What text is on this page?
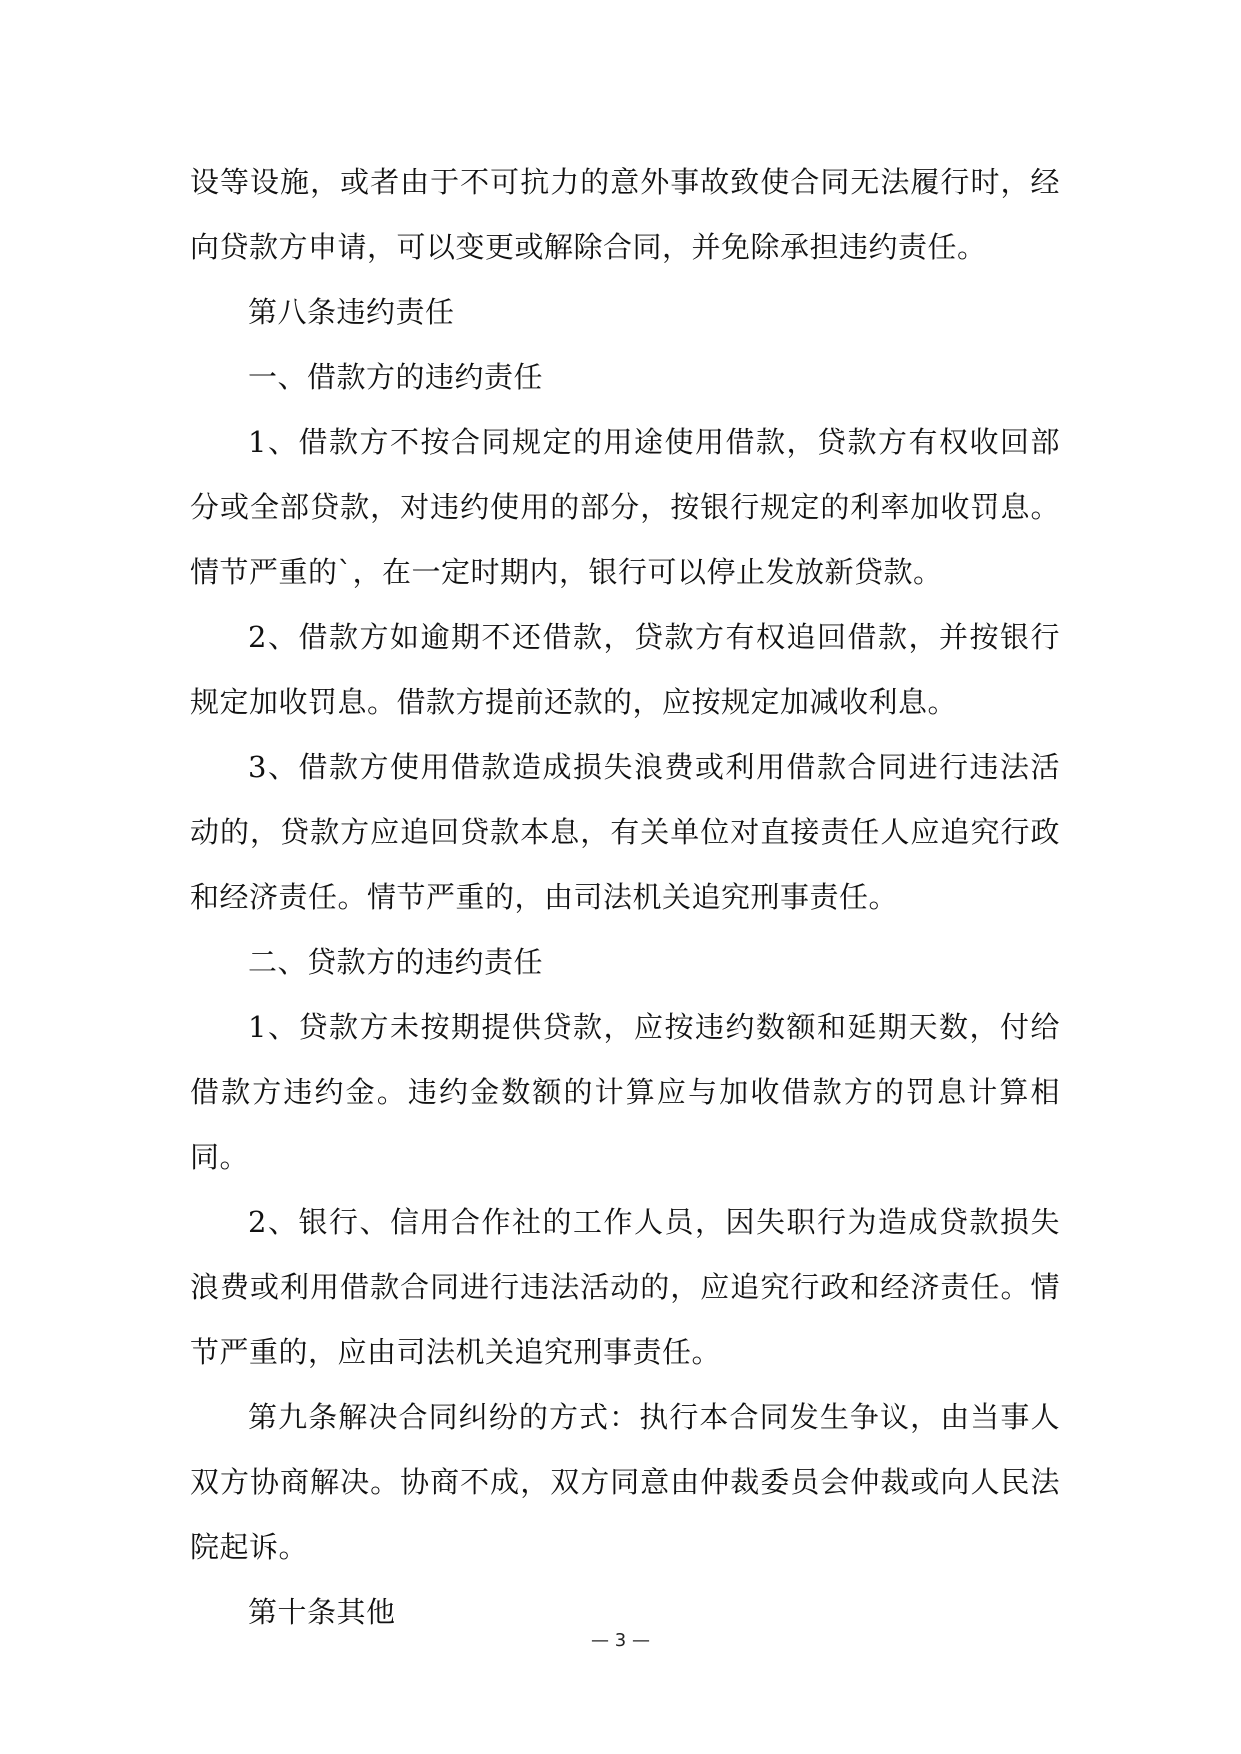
设等设施，或者由于不可抗力的意外事故致使合同无法履行时，经向贷款方申请，可以变更或解除合同，并免除承担违约责任。

第八条违约责任

一、借款方的违约责任

1、借款方不按合同规定的用途使用借款，贷款方有权收回部分或全部贷款，对违约使用的部分，按银行规定的利率加收罚息。情节严重的`，在一定时期内，银行可以停止发放新贷款。

2、借款方如逾期不还借款，贷款方有权追回借款，并按银行规定加收罚息。借款方提前还款的，应按规定加减收利息。

3、借款方使用借款造成损失浪费或利用借款合同进行违法活动的，贷款方应追回贷款本息，有关单位对直接责任人应追究行政和经济责任。情节严重的，由司法机关追究刑事责任。

二、贷款方的违约责任

1、贷款方未按期提供贷款，应按违约数额和延期天数，付给借款方违约金。违约金数额的计算应与加收借款方的罚息计算相同。

2、银行、信用合作社的工作人员，因失职行为造成贷款损失浪费或利用借款合同进行违法活动的，应追究行政和经济责任。情节严重的，应由司法机关追究刑事责任。

第九条解决合同纠纷的方式：执行本合同发生争议，由当事人双方协商解决。协商不成，双方同意由仲裁委员会仲裁或向人民法院起诉。

第十条其他

— 3 —
